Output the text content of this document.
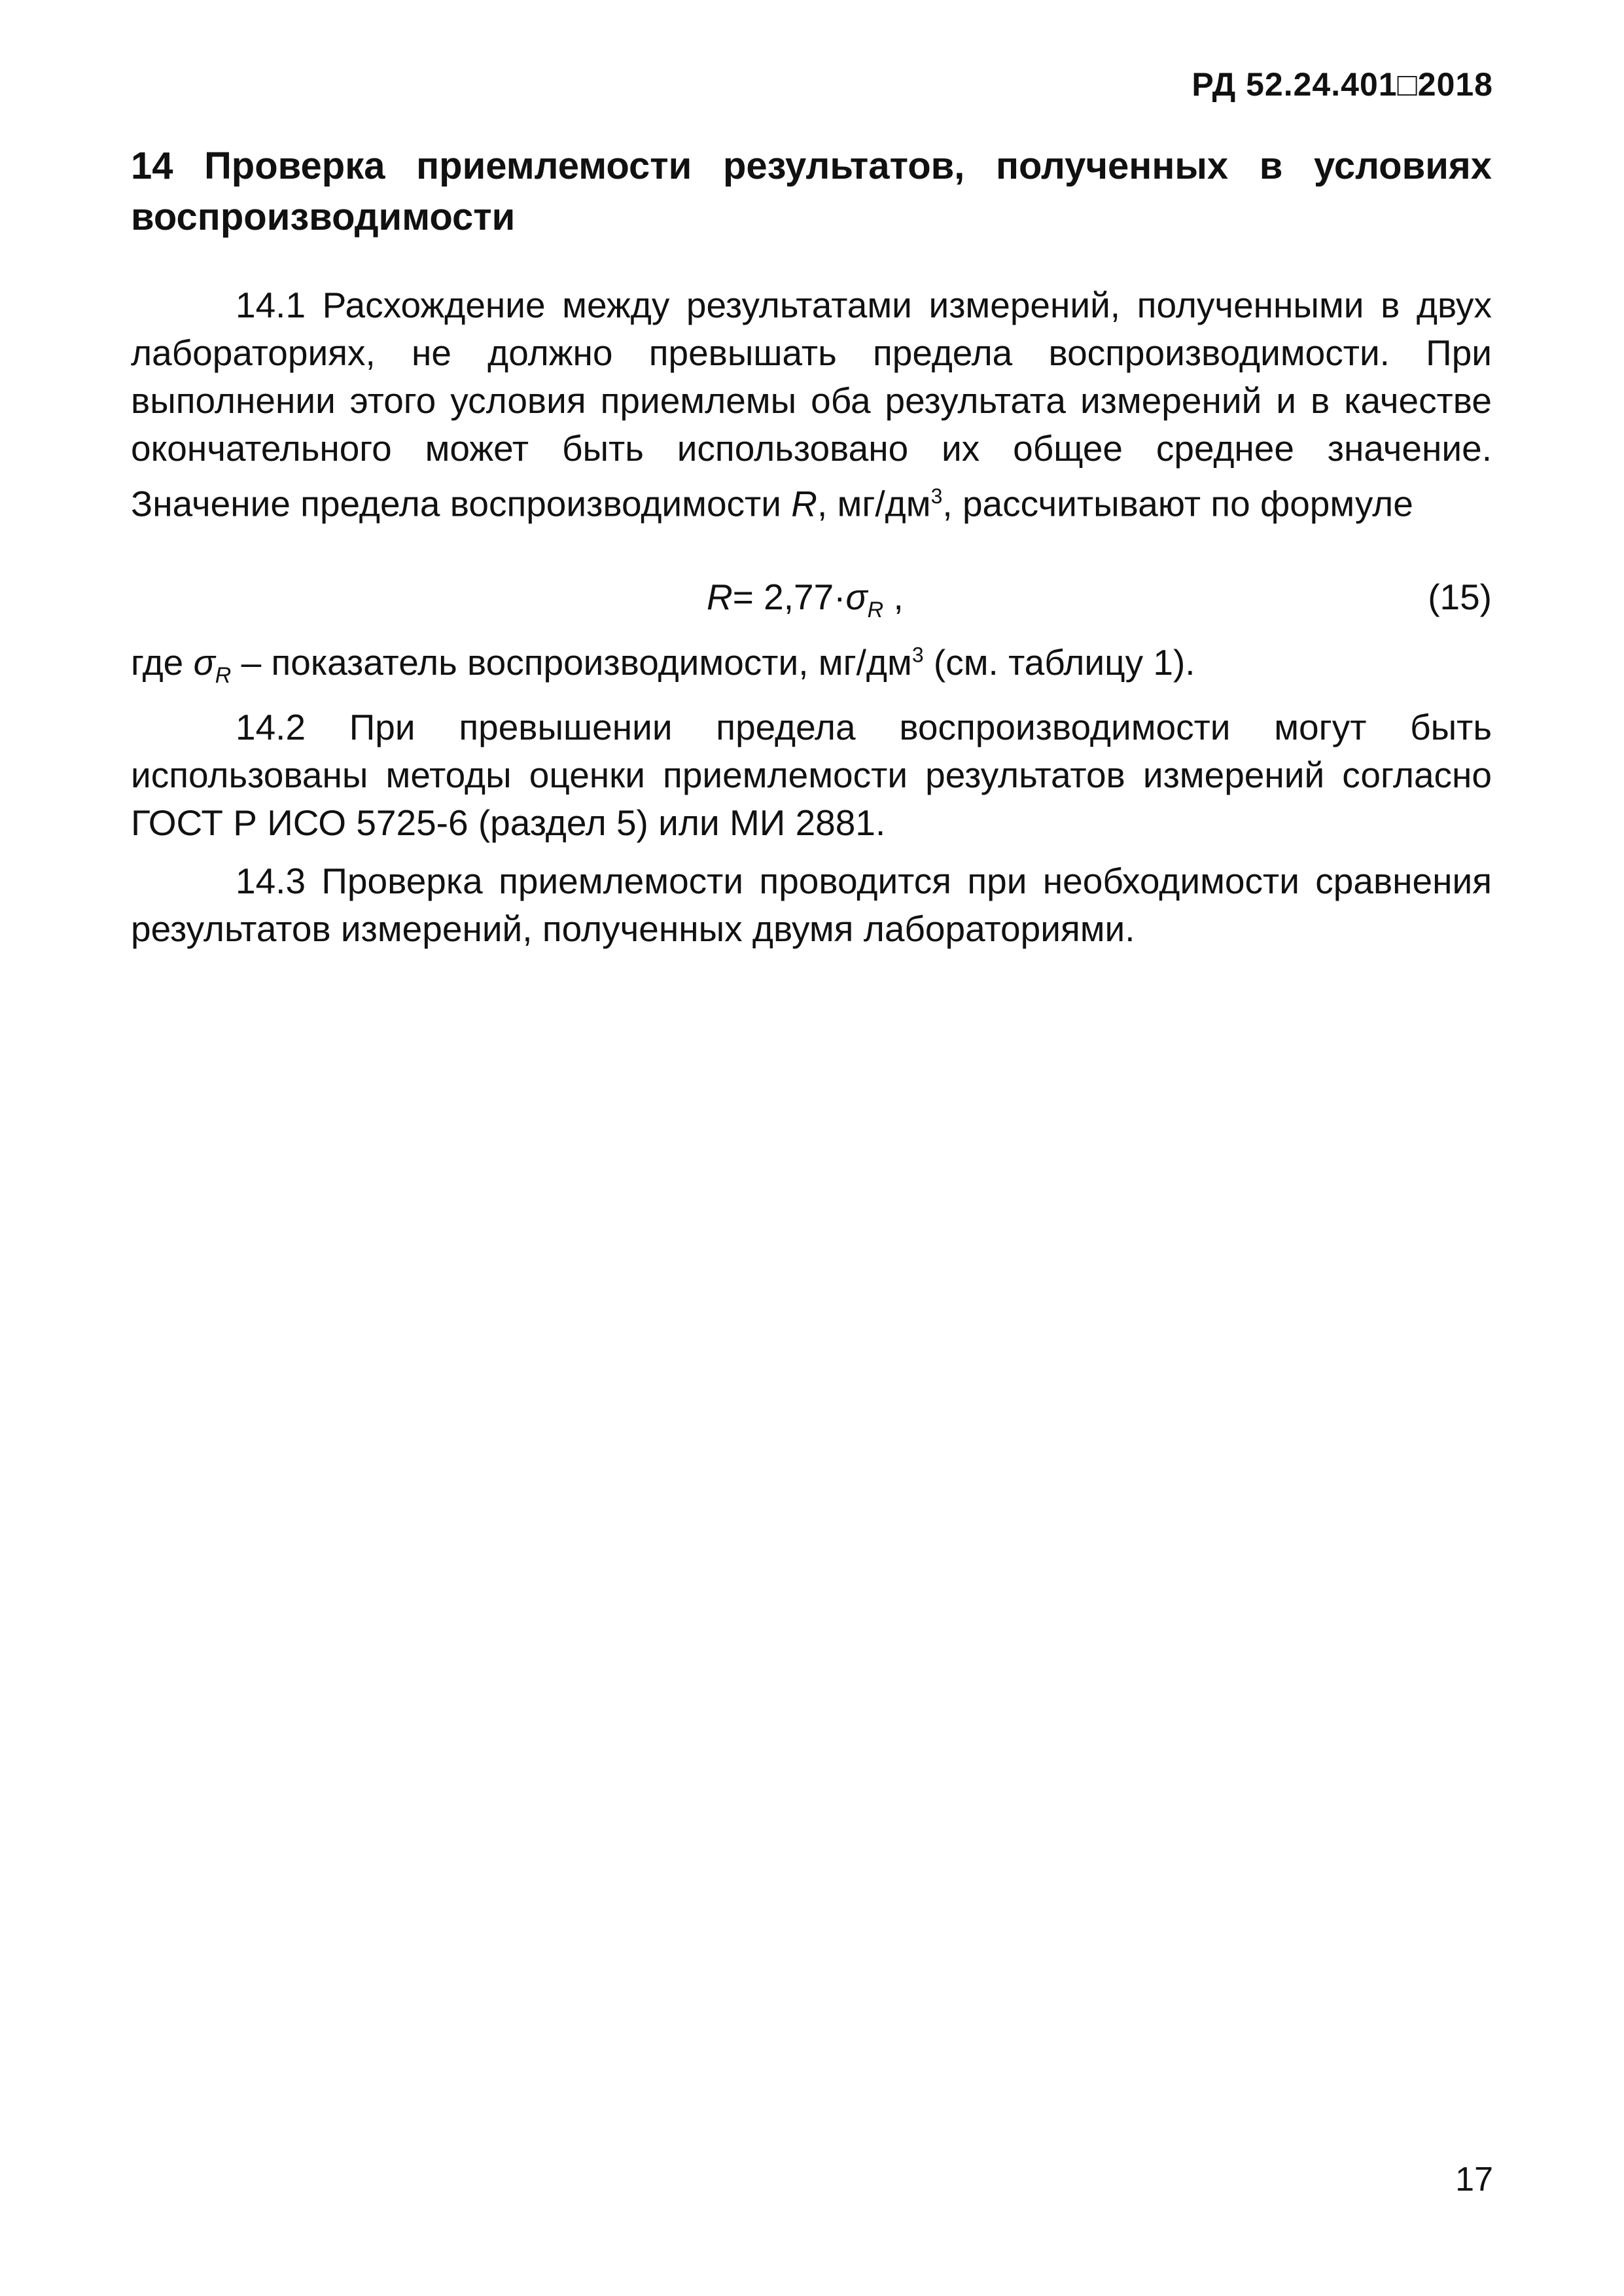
РД 52.24.401□2018
14 Проверка приемлемости результатов, полученных в условиях воспроизводимости

14.1 Расхождение между результатами измерений, полученными в двух лабораториях, не должно превышать предела воспроизводимости. При выполнении этого условия приемлемы оба результата измерений и в качестве окончательного может быть использовано их общее среднее значение. Значение предела воспроизводимости R, $мг/дм^3$, рассчитывают по формуле

$R= 2,77\cdot\sigma_R$ ,	(15)
где $\sigma_R$ – показатель воспроизводимости, $мг/дм^3$ (см. таблицу 1).

14.2 При превышении предела воспроизводимости могут быть использованы методы оценки приемлемости результатов измерений согласно ГОСТ Р ИСО 5725-6 (раздел 5) или МИ 2881.

14.3 Проверка приемлемости проводится при необходимости сравнения результатов измерений, полученных двумя лабораториями.

17
